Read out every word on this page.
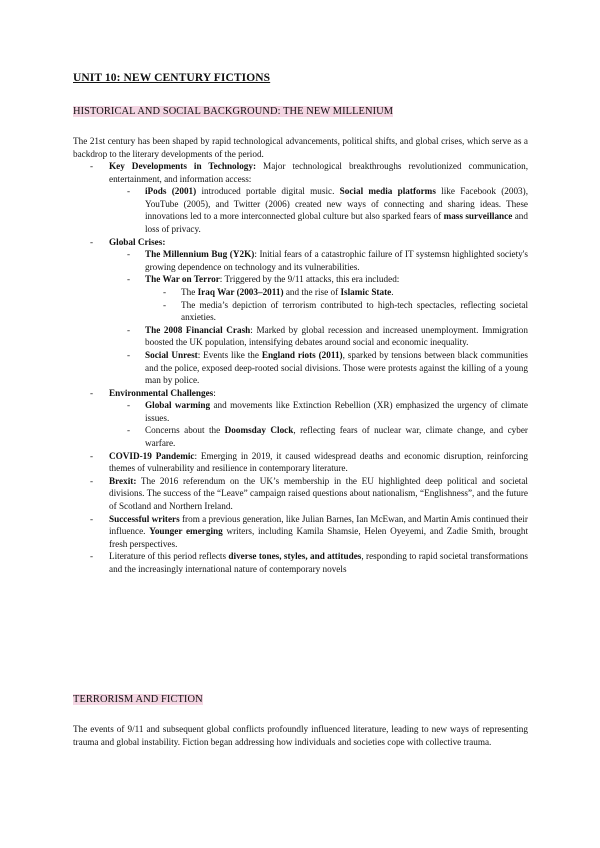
UNIT 10: NEW CENTURY FICTIONS
HISTORICAL AND SOCIAL BACKGROUND: THE NEW MILLENIUM

The 21st century has been shaped by rapid technological advancements, political shifts, and global crises, which serve as a backdrop to the literary developments of the period.

- Key Developments in Technology: Major technological breakthroughs revolutionized communication, entertainment, and information access:
- iPods (2001) introduced portable digital music. Social media platforms like Facebook (2003), YouTube (2005), and Twitter (2006) created new ways of connecting and sharing ideas. These innovations led to a more interconnected global culture but also sparked fears of mass surveillance and loss of privacy.
- Global Crises:
- The Millennium Bug (Y2K): Initial fears of a catastrophic failure of IT systemsn highlighted society's growing dependence on technology and its vulnerabilities.
- The War on Terror: Triggered by the 9/11 attacks, this era included:
- The Iraq War (2003–2011) and the rise of Islamic State.
- The media’s depiction of terrorism contributed to high-tech spectacles, reflecting societal anxieties.
- The 2008 Financial Crash: Marked by global recession and increased unemployment. Immigration boosted the UK population, intensifying debates around social and economic inequality.
- Social Unrest: Events like the England riots (2011), sparked by tensions between black communities and the police, exposed deep-rooted social divisions. Those were protests against the killing of a young man by police.
- Environmental Challenges:
- Global warming and movements like Extinction Rebellion (XR) emphasized the urgency of climate issues.
- Concerns about the Doomsday Clock, reflecting fears of nuclear war, climate change, and cyber warfare.
- COVID-19 Pandemic: Emerging in 2019, it caused widespread deaths and economic disruption, reinforcing themes of vulnerability and resilience in contemporary literature.
- Brexit: The 2016 referendum on the UK’s membership in the EU highlighted deep political and societal divisions. The success of the “Leave” campaign raised questions about nationalism, “Englishness”, and the future of Scotland and Northern Ireland.
- Successful writers from a previous generation, like Julian Barnes, Ian McEwan, and Martin Amis continued their influence. Younger emerging writers, including Kamila Shamsie, Helen Oyeyemi, and Zadie Smith, brought fresh perspectives.
- Literature of this period reflects diverse tones, styles, and attitudes, responding to rapid societal transformations and the increasingly international nature of contemporary novels
TERRORISM AND FICTION

The events of 9/11 and subsequent global conflicts profoundly influenced literature, leading to new ways of representing trauma and global instability. Fiction began addressing how individuals and societies cope with collective trauma.
